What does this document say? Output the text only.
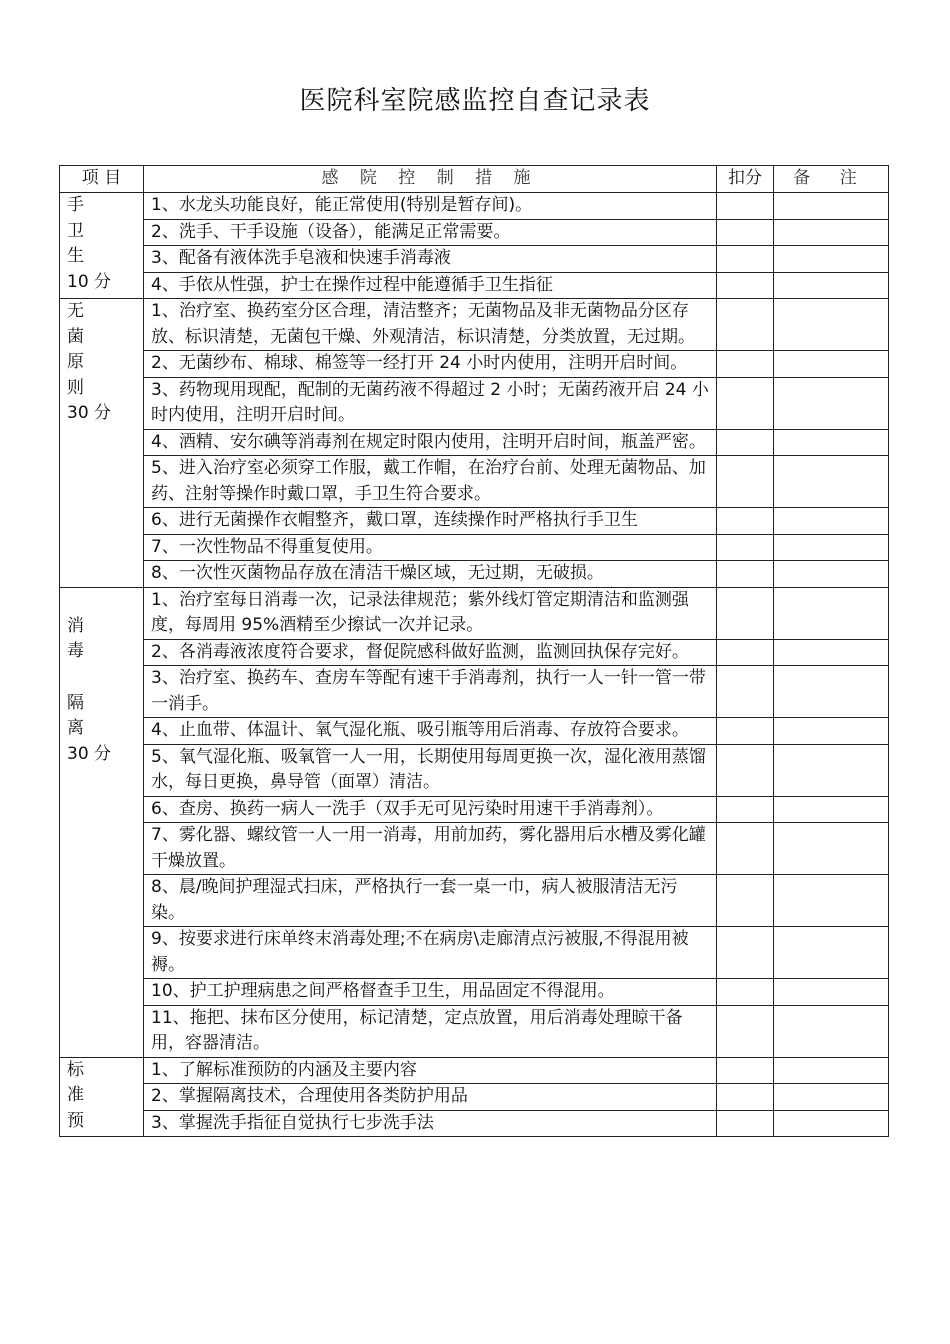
医院科室院感监控自查记录表
项 目	感 院 控 制 措 施	扣分	备 注

手
卫
生
10 分	1、水龙头功能良好，能正常使用(特别是暂存间)。		
	2、洗手、干手设施（设备），能满足正常需要。		
	3、配备有液体洗手皂液和快速手消毒液		
	4、手依从性强，护士在操作过程中能遵循手卫生指征		

无
菌
原
则
30 分	1、治疗室、换药室分区合理，清洁整齐；无菌物品及非无菌物品分区存放、标识清楚，无菌包干燥、外观清洁，标识清楚，分类放置，无过期。		
	2、无菌纱布、棉球、棉签等一经打开 24 小时内使用，注明开启时间。		
	3、药物现用现配，配制的无菌药液不得超过 2 小时；无菌药液开启 24 小时内使用，注明开启时间。		
	4、酒精、安尔碘等消毒剂在规定时限内使用，注明开启时间，瓶盖严密。		
	5、进入治疗室必须穿工作服，戴工作帽，在治疗台前、处理无菌物品、加药、注射等操作时戴口罩，手卫生符合要求。		
	6、进行无菌操作衣帽整齐，戴口罩，连续操作时严格执行手卫生		
	7、一次性物品不得重复使用。		
	8、一次性灭菌物品存放在清洁干燥区域，无过期，无破损。		

消
毒
隔
离
30 分	1、治疗室每日消毒一次，记录法律规范；紫外线灯管定期清洁和监测强度，每周用 95%酒精至少擦试一次并记录。		
	2、各消毒液浓度符合要求，督促院感科做好监测，监测回执保存完好。		
	3、治疗室、换药车、查房车等配有速干手消毒剂，执行一人一针一管一带一消手。		
	4、止血带、体温计、氧气湿化瓶、吸引瓶等用后消毒、存放符合要求。		
	5、氧气湿化瓶、吸氧管一人一用，长期使用每周更换一次，湿化液用蒸馏水，每日更换，鼻导管（面罩）清洁。		
	6、查房、换药一病人一洗手（双手无可见污染时用速干手消毒剂）。		
	7、雾化器、螺纹管一人一用一消毒，用前加药，雾化器用后水槽及雾化罐干燥放置。		
	8、晨/晚间护理湿式扫床，严格执行一套一桌一巾，病人被服清洁无污染。		
	9、按要求进行床单终末消毒处理;不在病房\走廊清点污被服,不得混用被褥。		
	10、护工护理病患之间严格督查手卫生，用品固定不得混用。		
	11、拖把、抹布区分使用，标记清楚，定点放置，用后消毒处理晾干备用，容器清洁。		

标
准
预	1、了解标准预防的内涵及主要内容		
	2、掌握隔离技术，合理使用各类防护用品		
	3、掌握洗手指征自觉执行七步洗手法		
